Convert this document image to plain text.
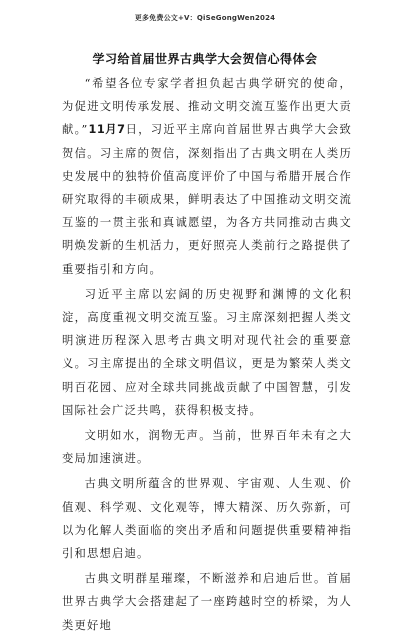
更多免费公文+V：QiSeGongWen2024
学习给首届世界古典学大会贺信心得体会

“希望各位专家学者担负起古典学研究的使命，为促进文明传承发展、推动文明交流互鉴作出更大贡献。”11月7日，习近平主席向首届世界古典学大会致贺信。习主席的贺信，深刻指出了古典文明在人类历史发展中的独特价值高度评价了中国与希腊开展合作研究取得的丰硕成果，鲜明表达了中国推动文明交流互鉴的一贯主张和真诚愿望，为各方共同推动古典文明焕发新的生机活力，更好照亮人类前行之路提供了重要指引和方向。

习近平主席以宏阔的历史视野和渊博的文化积淀，高度重视文明交流互鉴。习主席深刻把握人类文明演进历程深入思考古典文明对现代社会的重要意义。习主席提出的全球文明倡议，更是为繁荣人类文明百花园、应对全球共同挑战贡献了中国智慧，引发国际社会广泛共鸣，获得积极支持。

文明如水，润物无声。当前，世界百年未有之大变局加速演进。

古典文明所蕴含的世界观、宇宙观、人生观、价值观、科学观、文化观等，博大精深、历久弥新，可以为化解人类面临的突出矛盾和问题提供重要精神指引和思想启迪。

古典文明群星璀璨，不断滋养和启迪后世。首届世界古典学大会搭建起了一座跨越时空的桥梁，为人类更好地
